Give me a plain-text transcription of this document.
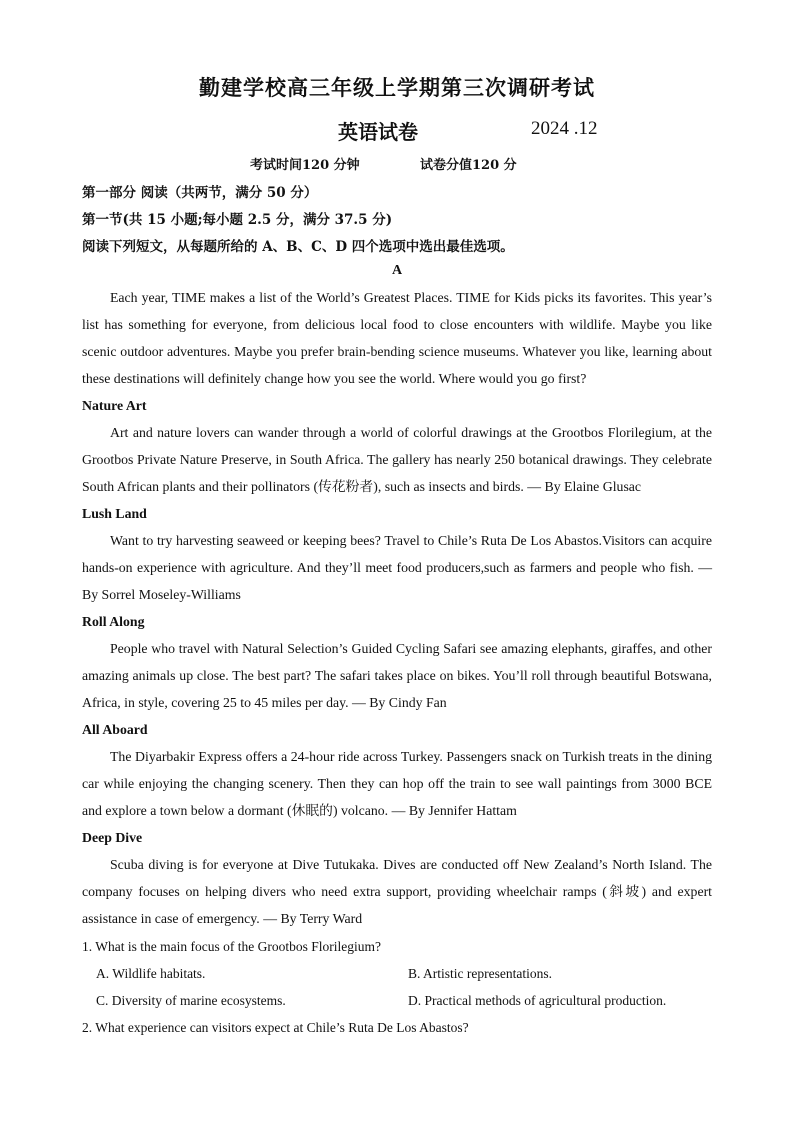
勤建学校高三年级上学期第三次调研考试
英语试卷	2024 .12
考试时间120 分钟	试卷分值120 分
第一部分 阅读（共两节，满分 50 分）
第一节(共 15 小题;每小题 2.5 分，满分 37.5 分)
阅读下列短文，从每题所给的 A、B、C、D 四个选项中选出最佳选项。
A

Each year, TIME makes a list of the World’s Greatest Places. TIME for Kids picks its favorites. This year’s list has something for everyone, from delicious local food to close encounters with wildlife. Maybe you like scenic outdoor adventures. Maybe you prefer brain-bending science museums. Whatever you like, learning about these destinations will definitely change how you see the world. Where would you go first?

Nature Art

Art and nature lovers can wander through a world of colorful drawings at the Grootbos Florilegium, at the Grootbos Private Nature Preserve, in South Africa. The gallery has nearly 250 botanical drawings. They celebrate South African plants and their pollinators (传花粉者), such as insects and birds. — By Elaine Glusac

Lush Land

Want to try harvesting seaweed or keeping bees? Travel to Chile’s Ruta De Los Abastos.Visitors can acquire hands-on experience with agriculture. And they’ll meet food producers,such as farmers and people who fish. — By Sorrel Moseley-Williams

Roll Along

People who travel with Natural Selection’s Guided Cycling Safari see amazing elephants, giraffes, and other amazing animals up close. The best part? The safari takes place on bikes. You’ll roll through beautiful Botswana, Africa, in style, covering 25 to 45 miles per day. — By Cindy Fan

All Aboard

The Diyarbakir Express offers a 24-hour ride across Turkey. Passengers snack on Turkish treats in the dining car while enjoying the changing scenery. Then they can hop off the train to see wall paintings from 3000 BCE and explore a town below a dormant (休眠的) volcano. — By Jennifer Hattam

Deep Dive

Scuba diving is for everyone at Dive Tutukaka. Dives are conducted off New Zealand’s North Island. The company focuses on helping divers who need extra support, providing wheelchair ramps (斜坡) and expert assistance in case of emergency. — By Terry Ward

1. What is the main focus of the Grootbos Florilegium?
A. Wildlife habitats.	B. Artistic representations.
C. Diversity of marine ecosystems.	D. Practical methods of agricultural production.
2. What experience can visitors expect at Chile’s Ruta De Los Abastos?
